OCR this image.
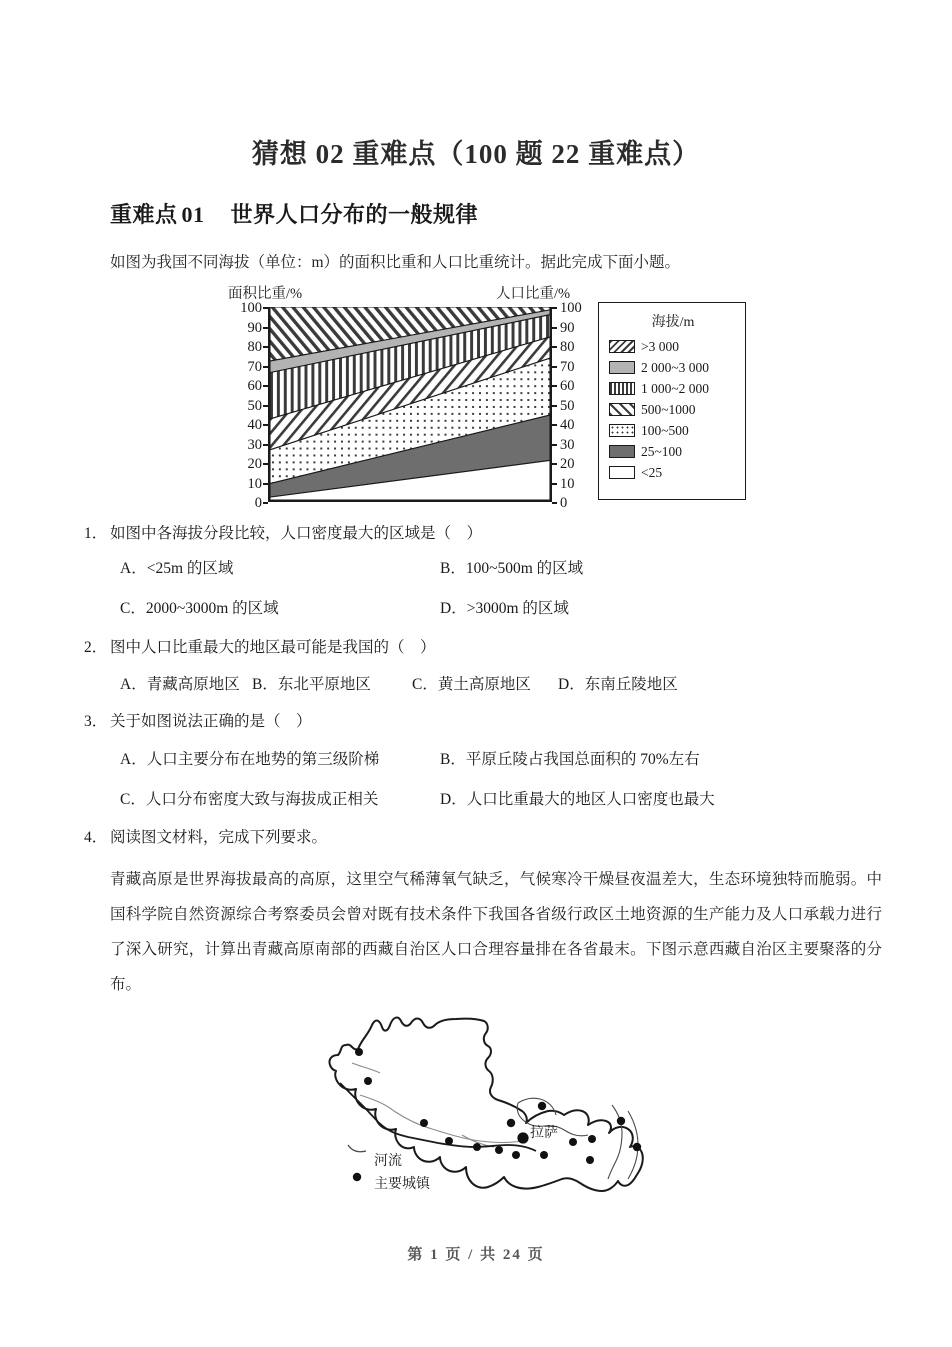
猜想 02 重难点（100 题 22 重难点）
重难点 01 世界人口分布的一般规律
如图为我国不同海拔（单位：m）的面积比重和人口比重统计。据此完成下面小题。
面积比重/%	人口比重/%
100
90
80
70
60
50
40
30
20
10
0
100
90
80
70
60
50
40
30
20
10
0
海拔/m
>3 000
2 000~3 000
1 000~2 000
500~1000
100~500
25~100
<25
1． 如图中各海拔分段比较，人口密度最大的区域是（　）
A．<25m 的区域	B．100~500m 的区域
C．2000~3000m 的区域	D．>3000m 的区域
2． 图中人口比重最大的地区最可能是我国的（　）
A．青藏高原地区 B．东北平原地区	C．黄土高原地区 D．东南丘陵地区
3． 关于如图说法正确的是（　）
A．人口主要分布在地势的第三级阶梯	B．平原丘陵占我国总面积的 70%左右
C．人口分布密度大致与海拔成正相关	D．人口比重最大的地区人口密度也最大
4． 阅读图文材料，完成下列要求。
青藏高原是世界海拔最高的高原，这里空气稀薄氧气缺乏，气候寒冷干燥昼夜温差大，生态环境独特而脆弱。中国科学院自然资源综合考察委员会曾对既有技术条件下我国各省级行政区土地资源的生产能力及人口承载力进行了深入研究，计算出青藏高原南部的西藏自治区人口合理容量排在各省最末。下图示意西藏自治区主要聚落的分布。
拉萨
河流
主要城镇
第 1 页 / 共 24 页
